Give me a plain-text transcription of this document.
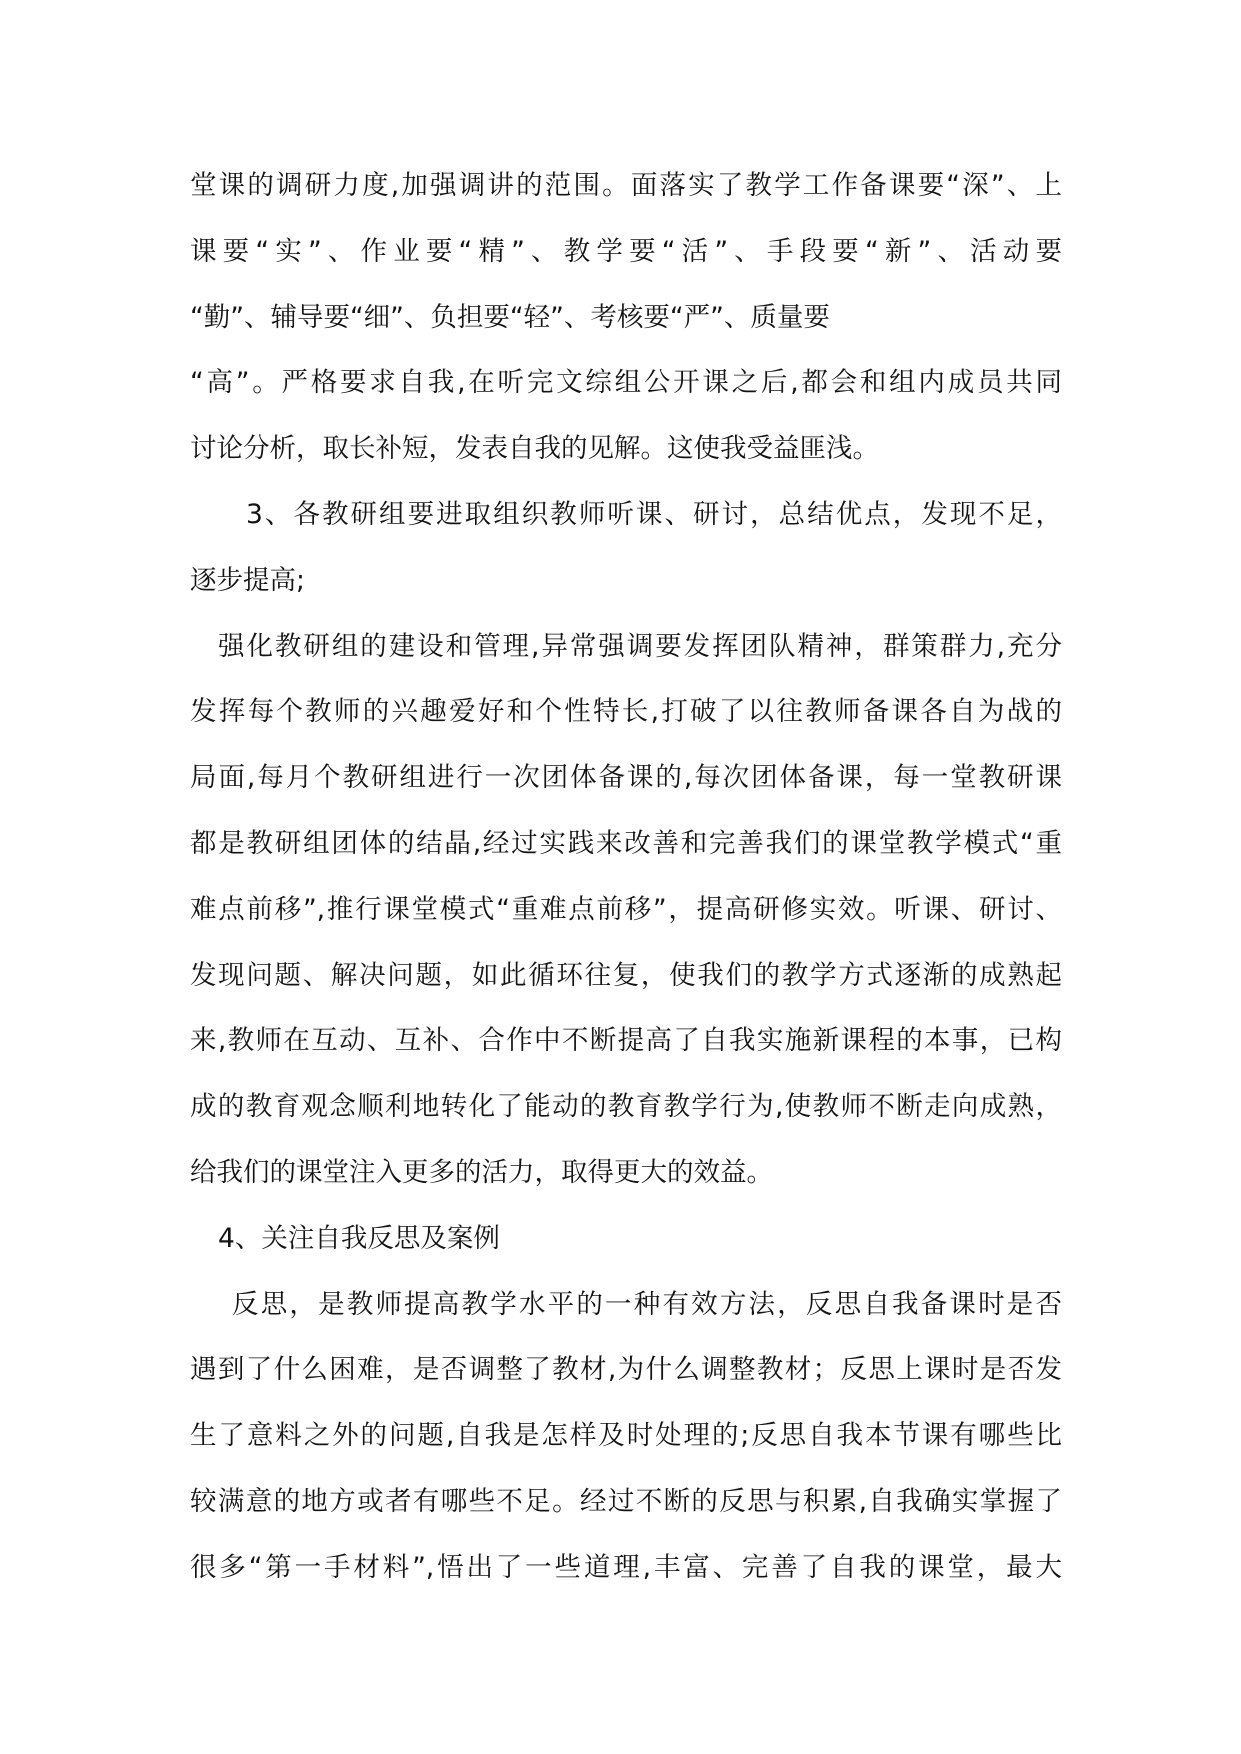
堂课的调研力度,加强调讲的范围。面落实了教学工作备课要“深”、上
课要“实”、作业要“精”、教学要“活”、手段要“新”、活动要
“勤”、辅导要“细”、负担要“轻”、考核要“严”、质量要
“高”。严格要求自我,在听完文综组公开课之后,都会和组内成员共同
讨论分析，取长补短，发表自我的见解。这使我受益匪浅。
3、各教研组要进取组织教师听课、研讨，总结优点，发现不足，
逐步提高;
强化教研组的建设和管理,异常强调要发挥团队精神，群策群力,充分
发挥每个教师的兴趣爱好和个性特长,打破了以往教师备课各自为战的
局面,每月个教研组进行一次团体备课的,每次团体备课，每一堂教研课
都是教研组团体的结晶,经过实践来改善和完善我们的课堂教学模式“重
难点前移”,推行课堂模式“重难点前移”，提高研修实效。听课、研讨、
发现问题、解决问题，如此循环往复，使我们的教学方式逐渐的成熟起
来,教师在互动、互补、合作中不断提高了自我实施新课程的本事，已构
成的教育观念顺利地转化了能动的教育教学行为,使教师不断走向成熟，
给我们的课堂注入更多的活力，取得更大的效益。
4、关注自我反思及案例
反思，是教师提高教学水平的一种有效方法，反思自我备课时是否
遇到了什么困难，是否调整了教材,为什么调整教材；反思上课时是否发
生了意料之外的问题,自我是怎样及时处理的;反思自我本节课有哪些比
较满意的地方或者有哪些不足。经过不断的反思与积累,自我确实掌握了
很多“第一手材料”,悟出了一些道理,丰富、完善了自我的课堂，最大
